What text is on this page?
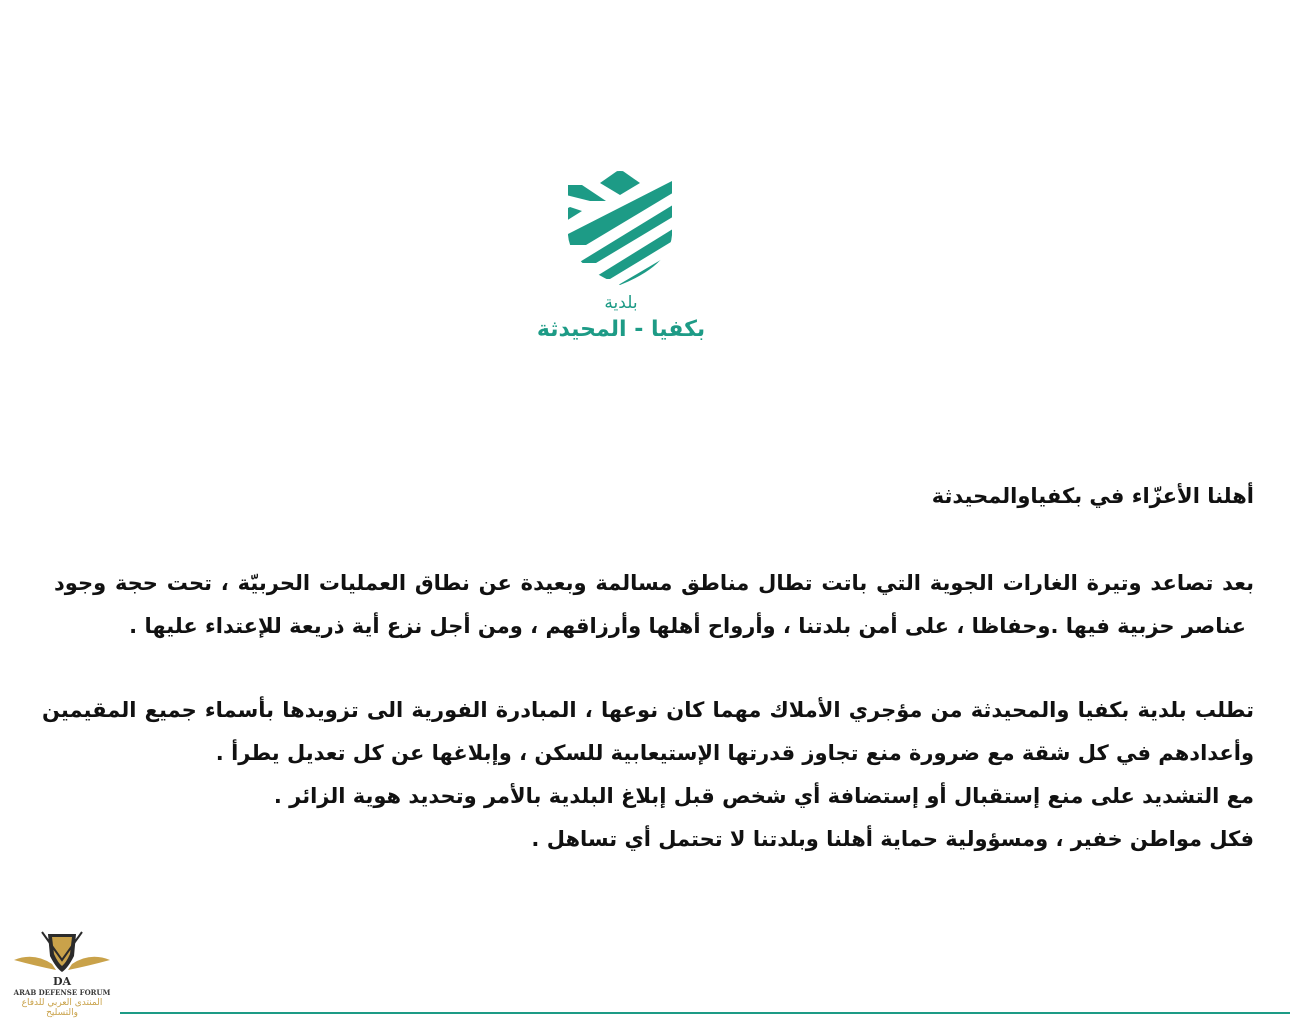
بلدية
بكفيا - المحيدثة
أهلنا الأعزّاء في بكفياوالمحيدثة
بعد تصاعد وتيرة الغارات الجوية التي باتت تطال مناطق مسالمة وبعيدة عن نطاق العمليات الحربيّة ، تحت حجة وجود
عناصر حزبية فيها .وحفاظا ، على أمن بلدتنا ، وأرواح أهلها وأرزاقهم ، ومن أجل نزع أية ذريعة للإعتداء عليها .
تطلب بلدية بكفيا والمحيدثة من مؤجري الأملاك مهما كان نوعها ، المبادرة الفورية الى تزويدها بأسماء جميع المقيمين
وأعدادهم في كل شقة مع ضرورة منع تجاوز قدرتها الإستيعابية للسكن ، وإبلاغها عن كل تعديل يطرأ .
مع التشديد على منع إستقبال أو إستضافة أي شخص قبل إبلاغ البلدية بالأمر وتحديد هوية الزائر .
فكل مواطن خفير ، ومسؤولية حماية أهلنا وبلدتنا لا تحتمل أي تساهل .
DA
ARAB DEFENSE FORUM
المنتدى العربي للدفاع والتسليح
